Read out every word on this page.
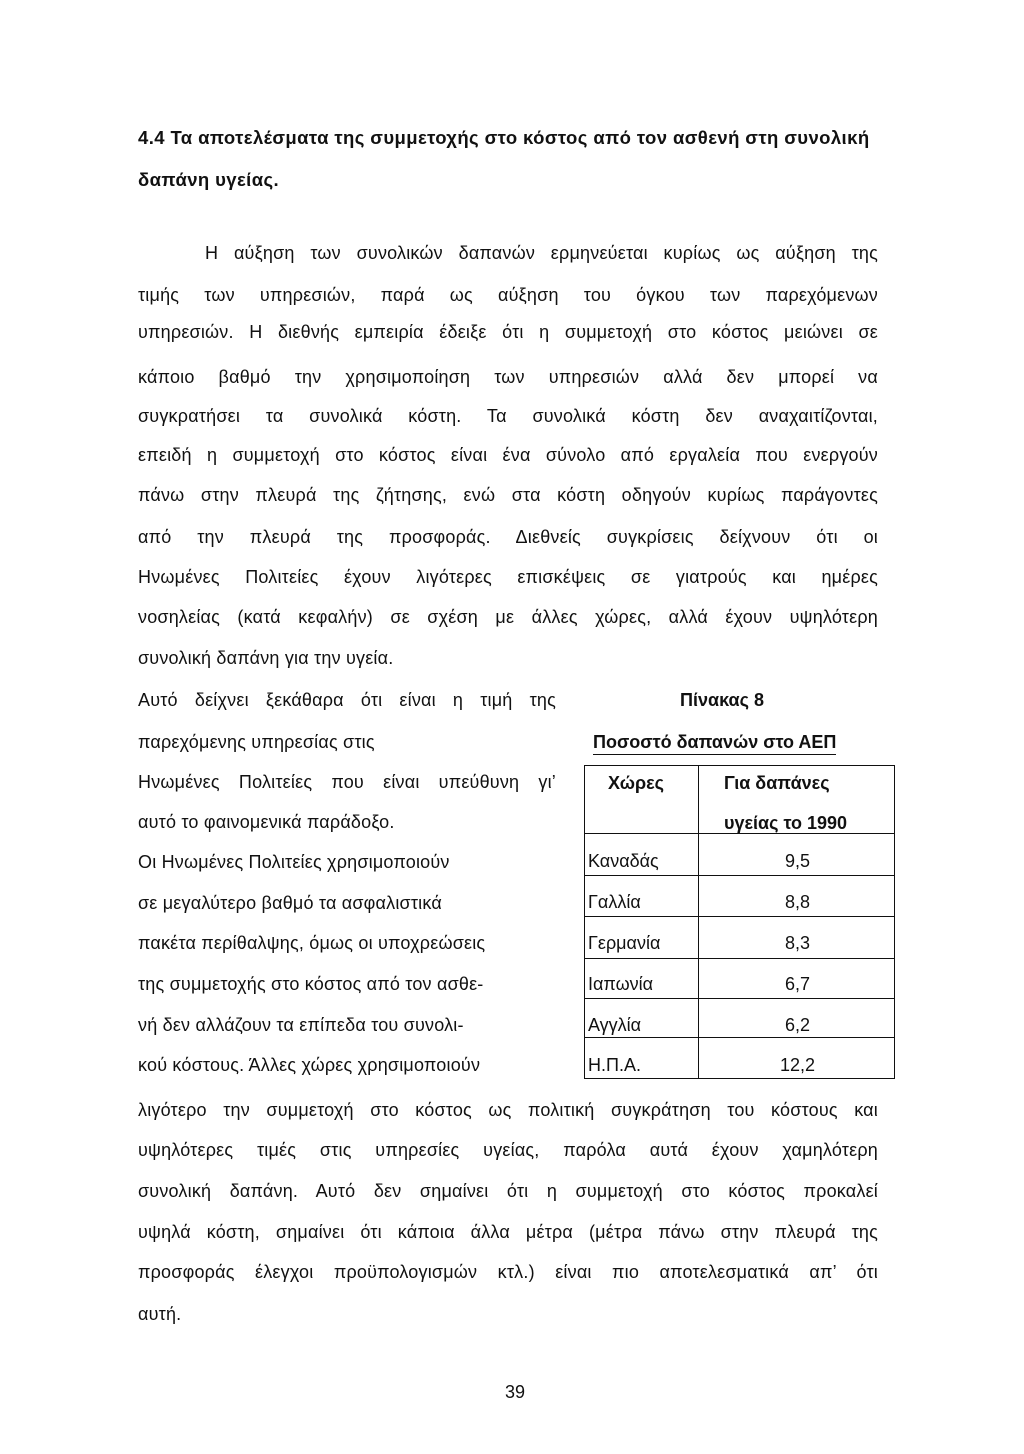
4.4 Τα αποτελέσματα της συμμετοχής στο κόστος από τον ασθενή στη συνολική δαπάνη υγείας.
Η αύξηση των συνολικών δαπανών ερμηνεύεται κυρίως ως αύξηση της
τιμής των υπηρεσιών, παρά ως αύξηση του όγκου των παρεχόμενων
υπηρεσιών. Η διεθνής εμπειρία έδειξε ότι η συμμετοχή στο κόστος μειώνει σε
κάποιο βαθμό την χρησιμοποίηση των υπηρεσιών αλλά δεν μπορεί να
συγκρατήσει τα συνολικά κόστη. Τα συνολικά κόστη δεν αναχαιτίζονται,
επειδή η συμμετοχή στο κόστος είναι ένα σύνολο από εργαλεία που ενεργούν
πάνω στην πλευρά της ζήτησης, ενώ στα κόστη οδηγούν κυρίως παράγοντες
από την πλευρά της προσφοράς. Διεθνείς συγκρίσεις δείχνουν ότι οι
Ηνωμένες Πολιτείες έχουν λιγότερες επισκέψεις σε γιατρούς και ημέρες
νοσηλείας (κατά κεφαλήν) σε σχέση με άλλες χώρες, αλλά έχουν υψηλότερη
συνολική δαπάνη για την υγεία.
Αυτό δείχνει ξεκάθαρα ότι είναι η τιμή της
παρεχόμενης υπηρεσίας στις
Ηνωμένες Πολιτείες που είναι υπεύθυνη γι’
αυτό το φαινομενικά παράδοξο.
Οι Ηνωμένες Πολιτείες χρησιμοποιούν
σε μεγαλύτερο βαθμό τα ασφαλιστικά
πακέτα περίθαλψης, όμως οι υποχρεώσεις
της συμμετοχής στο κόστος από τον ασθε-
νή δεν αλλάζουν τα επίπεδα του συνολι-
κού κόστους. Άλλες χώρες χρησιμοποιούν
Πίνακας 8
Ποσοστό δαπανών στο ΑΕΠ
Χώρες	Για δαπάνες
υγείας το 1990
Καναδάς	9,5
Γαλλία	8,8
Γερμανία	8,3
Ιαπωνία	6,7
Αγγλία	6,2
Η.Π.Α.	12,2
λιγότερο την συμμετοχή στο κόστος ως πολιτική συγκράτηση του κόστους και
υψηλότερες τιμές στις υπηρεσίες υγείας, παρόλα αυτά έχουν χαμηλότερη
συνολική δαπάνη. Αυτό δεν σημαίνει ότι η συμμετοχή στο κόστος προκαλεί
υψηλά κόστη, σημαίνει ότι κάποια άλλα μέτρα (μέτρα πάνω στην πλευρά της
προσφοράς έλεγχοι προϋπολογισμών κτλ.) είναι πιο αποτελεσματικά απ’ ότι
αυτή.
39
